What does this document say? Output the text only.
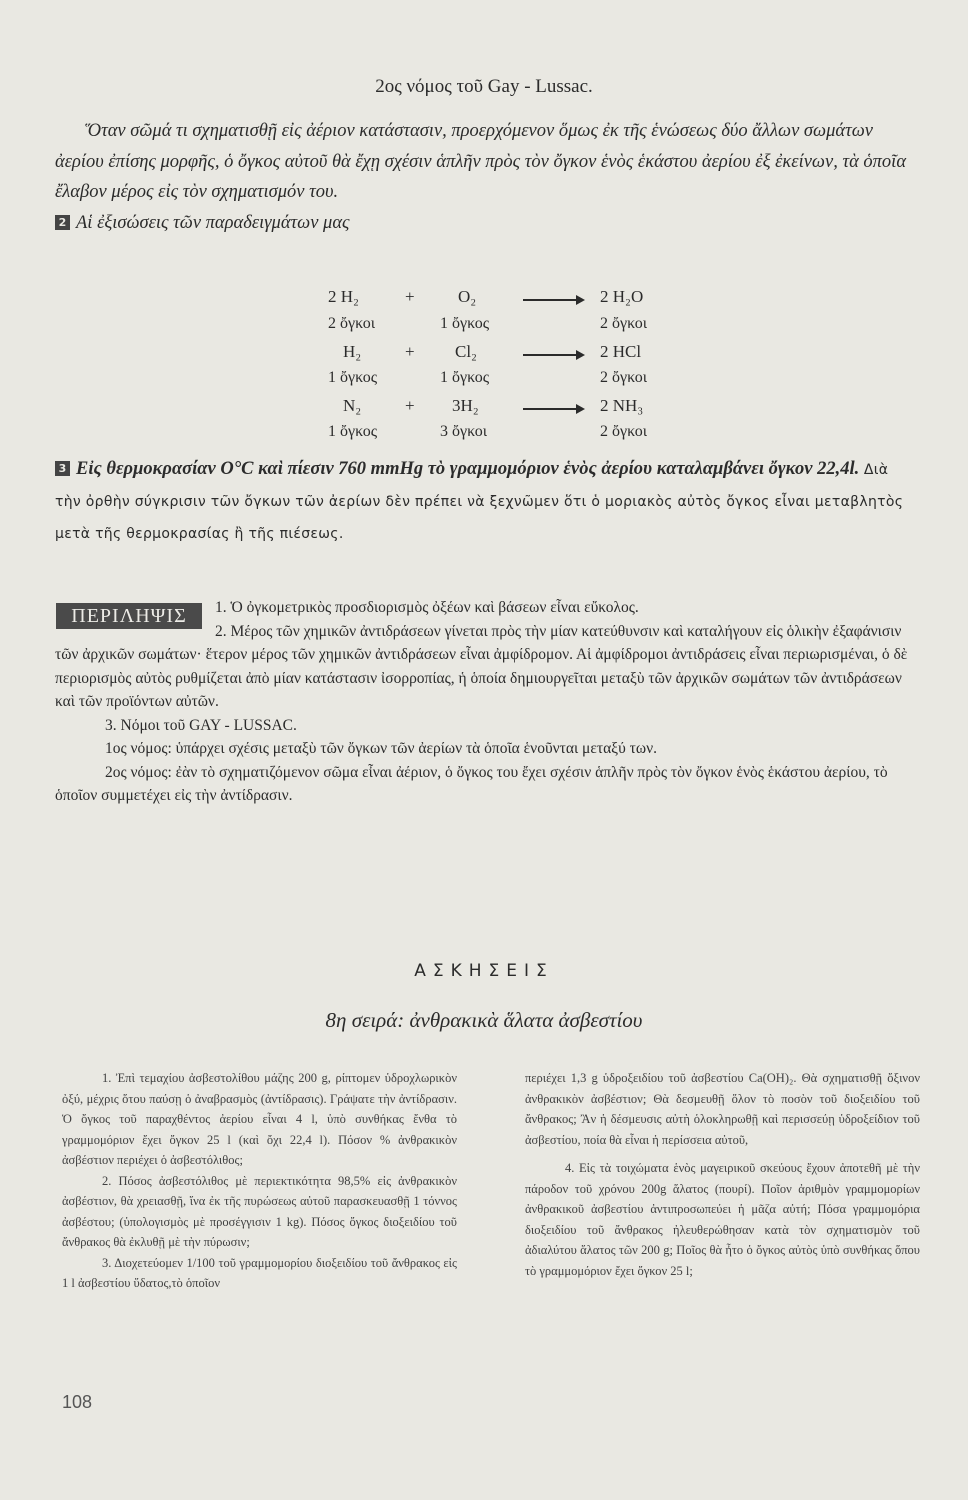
2ος νόμος τοῦ Gay - Lussac.

Ὅταν σῶμά τι σχηματισθῇ εἰς ἀέριον κατάστασιν, προερχόμενον ὅμως ἐκ τῆς ἑνώσεως δύο ἄλλων σωμάτων ἀερίου ἐπίσης μορφῆς, ὁ ὄγκος αὐτοῦ θὰ ἔχῃ σχέσιν ἁπλῆν πρὸς τὸν ὄγκον ἑνὸς ἑκάστου ἀερίου ἐξ ἐκείνων, τὰ ὁποῖα ἔλαβον μέρος εἰς τὸν σχηματισμόν του.

2 Αἱ ἐξισώσεις τῶν παραδειγμάτων μας

2 H₂	+	O₂	2 H₂O
2 ὄγκοι	1 ὄγκος	2 ὄγκοι
H₂	+ Cl₂	2 HCl
1 ὄγκος	1 ὄγκος	2 ὄγκοι
N₂	+ 3H₂	2 NH₃
1 ὄγκος	3 ὄγκοι	2 ὄγκοι
3 Εἰς θερμοκρασίαν O°C καὶ πίεσιν 760 mmHg τὸ γραμμομόριον ἑνὸς ἀερίου καταλαμβάνει ὄγκον 22,4l. Διὰ τὴν ὀρθὴν σύγκρισιν τῶν ὄγκων τῶν ἀερίων δὲν πρέπει νὰ ξεχνῶμεν ὅτι ὁ μοριακὸς αὐτὸς ὄγκος εἶναι μεταβλητὸς μετὰ τῆς θερμοκρασίας ἢ τῆς πιέσεως.
ΠΕΡΙΛΗΨΙΣ	1. Ὁ ὀγκομετρικὸς προσδιορισμὸς ὀξέων καὶ βάσεων εἶναι εὔκολος.

2. Μέρος τῶν χημικῶν ἀντιδράσεων γίνεται πρὸς τὴν μίαν κατεύθυνσιν καὶ καταλήγουν εἰς ὁλικὴν ἐξαφάνισιν τῶν ἀρχικῶν σωμάτων· ἕτερον μέρος τῶν χημικῶν ἀντιδράσεων εἶναι ἀμφίδρομον. Αἱ ἀμφίδρομοι ἀντιδράσεις εἶναι περιωρισμέναι, ὁ δὲ περιορισμὸς αὐτὸς ρυθμίζεται ἀπὸ μίαν κατάστασιν ἰσορροπίας, ἡ ὁποία δημιουργεῖται μεταξὺ τῶν ἀρχικῶν σωμάτων τῶν ἀντιδράσεων καὶ τῶν προϊόντων αὐτῶν.

3. Νόμοι τοῦ GAY - LUSSAC.

1ος νόμος: ὑπάρχει σχέσις μεταξὺ τῶν ὄγκων τῶν ἀερίων τὰ ὁποῖα ἑνοῦνται μεταξύ των.

2ος νόμος: ἐὰν τὸ σχηματιζόμενον σῶμα εἶναι ἀέριον, ὁ ὄγκος του ἔχει σχέσιν ἁπλῆν πρὸς τὸν ὄγκον ἑνὸς ἑκάστου ἀερίου, τὸ ὁποῖον συμμετέχει εἰς τὴν ἀντίδρασιν.

ΑΣΚΗΣΕΙΣ
8η σειρά: ἀνθρακικὰ ἅλατα ἀσβεστίου

1. Ἐπὶ τεμαχίου ἀσβεστολίθου μάζης 200 g, ρίπτομεν ὑδροχλωρικὸν ὀξύ, μέχρις ὅτου παύσῃ ὁ ἀναβρασμὸς (ἀντίδρασις). Γράψατε τὴν ἀντίδρασιν. Ὁ ὄγκος τοῦ παραχθέντος ἀερίου εἶναι 4 l, ὑπὸ συνθήκας ἔνθα τὸ γραμμομόριον ἔχει ὄγκον 25 l (καὶ ὄχι 22,4 l). Πόσον % ἀνθρακικὸν ἀσβέστιον περιέχει ὁ ἀσβεστόλιθος;

2. Πόσος ἀσβεστόλιθος μὲ περιεκτικότητα 98,5% εἰς ἀνθρακικὸν ἀσβέστιον, θὰ χρειασθῇ, ἵνα ἐκ τῆς πυρώσεως αὐτοῦ παρασκευασθῇ 1 τόννος ἀσβέστου; (ὑπολογισμὸς μὲ προσέγγισιν 1 kg). Πόσος ὄγκος διοξειδίου τοῦ ἄνθρακος θὰ ἐκλυθῇ μὲ τὴν πύρωσιν;

3. Διοχετεύομεν 1/100 τοῦ γραμμομορίου διοξειδίου τοῦ ἄνθρακος εἰς 1 l ἀσβεστίου ὕδατος,τὸ ὁποῖον

περιέχει 1,3 g ὑδροξειδίου τοῦ ἀσβεστίου Ca(OH)₂. Θὰ σχηματισθῇ ὄξινον ἀνθρακικὸν ἀσβέστιον; Θὰ δεσμευθῇ ὅλον τὸ ποσὸν τοῦ διοξειδίου τοῦ ἄνθρακος; Ἂν ἡ δέσμευσις αὐτὴ ὁλοκληρωθῇ καὶ περισσεύῃ ὑδροξείδιον τοῦ ἀσβεστίου, ποία θὰ εἶναι ἡ περίσσεια αὐτοῦ,

4. Εἰς τὰ τοιχώματα ἑνὸς μαγειρικοῦ σκεύους ἔχουν ἀποτεθῆ μὲ τὴν πάροδον τοῦ χρόνου 200g ἅλατος (πουρί). Ποῖον ἀριθμὸν γραμμομορίων ἀνθρακικοῦ ἀσβεστίου ἀντιπροσωπεύει ἡ μᾶζα αὐτή; Πόσα γραμμομόρια διοξειδίου τοῦ ἄνθρακος ἠλευθερώθησαν κατὰ τὸν σχηματισμὸν τοῦ ἀδιαλύτου ἅλατος τῶν 200 g; Ποῖος θὰ ἦτο ὁ ὄγκος αὐτὸς ὑπὸ συνθήκας ὅπου τὸ γραμμομόριον ἔχει ὄγκον 25 l;

108
